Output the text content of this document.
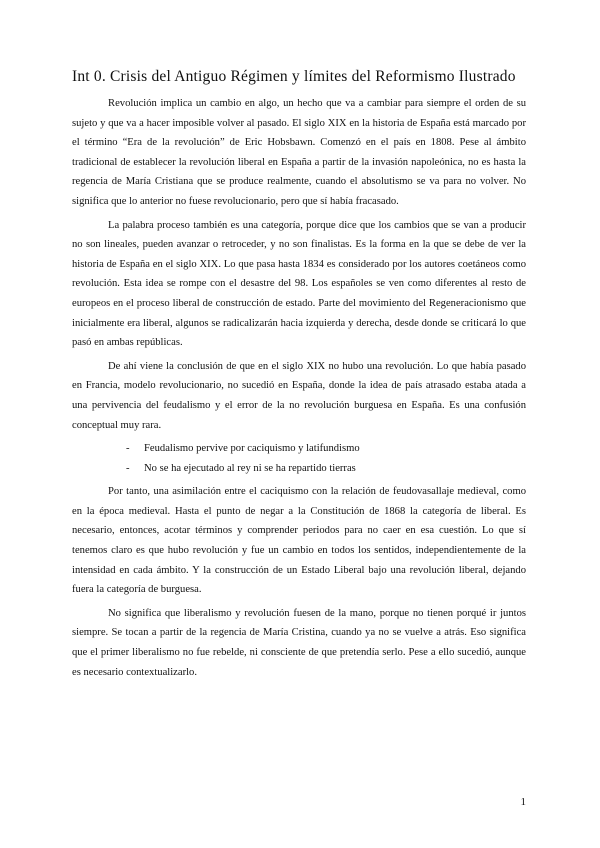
Int 0. Crisis del Antiguo Régimen y límites del Reformismo Ilustrado

Revolución implica un cambio en algo, un hecho que va a cambiar para siempre el orden de su sujeto y que va a hacer imposible volver al pasado. El siglo XIX en la historia de España está marcado por el término “Era de la revolución” de Eric Hobsbawn. Comenzó en el país en 1808. Pese al ámbito tradicional de establecer la revolución liberal en España a partir de la invasión napoleónica, no es hasta la regencia de María Cristiana que se produce realmente, cuando el absolutismo se va para no volver. No significa que lo anterior no fuese revolucionario, pero que sí había fracasado.

La palabra proceso también es una categoría, porque dice que los cambios que se van a producir no son lineales, pueden avanzar o retroceder, y no son finalistas. Es la forma en la que se debe de ver la historia de España en el siglo XIX. Lo que pasa hasta 1834 es considerado por los autores coetáneos como revolución. Esta idea se rompe con el desastre del 98. Los españoles se ven como diferentes al resto de europeos en el proceso liberal de construcción de estado. Parte del movimiento del Regeneracionismo que inicialmente era liberal, algunos se radicalizarán hacia izquierda y derecha, desde donde se criticará lo que pasó en ambas repúblicas.

De ahí viene la conclusión de que en el siglo XIX no hubo una revolución. Lo que había pasado en Francia, modelo revolucionario, no sucedió en España, donde la idea de país atrasado estaba atada a una pervivencia del feudalismo y el error de la no revolución burguesa en España. Es una confusión conceptual muy rara.

- Feudalismo pervive por caciquismo y latifundismo
- No se ha ejecutado al rey ni se ha repartido tierras

Por tanto, una asimilación entre el caciquismo con la relación de feudovasallaje medieval, como en la época medieval. Hasta el punto de negar a la Constitución de 1868 la categoría de liberal. Es necesario, entonces, acotar términos y comprender periodos para no caer en esa cuestión. Lo que sí tenemos claro es que hubo revolución y fue un cambio en todos los sentidos, independientemente de la intensidad en cada ámbito. Y la construcción de un Estado Liberal bajo una revolución liberal, dejando fuera la categoría de burguesa.

No significa que liberalismo y revolución fuesen de la mano, porque no tienen porqué ir juntos siempre. Se tocan a partir de la regencia de María Cristina, cuando ya no se vuelve a atrás. Eso significa que el primer liberalismo no fue rebelde, ni consciente de que pretendía serlo. Pese a ello sucedió, aunque es necesario contextualizarlo.

1
